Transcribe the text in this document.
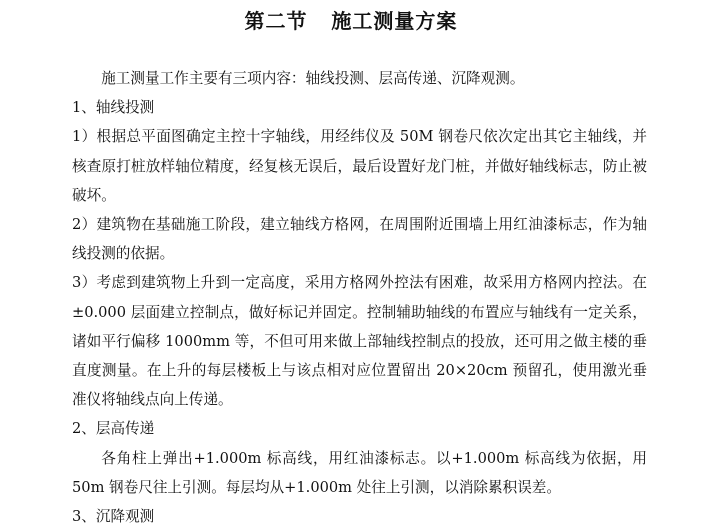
第二节   施工测量方案

施工测量工作主要有三项内容：轴线投测、层高传递、沉降观测。

1、轴线投测

1）根据总平面图确定主控十字轴线，用经纬仪及 50M 钢卷尺依次定出其它主轴线，并核查原打桩放样轴位精度，经复核无误后，最后设置好龙门桩，并做好轴线标志，防止被破坏。

2）建筑物在基础施工阶段，建立轴线方格网，在周围附近围墙上用红油漆标志，作为轴线投测的依据。

3）考虑到建筑物上升到一定高度，采用方格网外控法有困难，故采用方格网内控法。在±0.000 层面建立控制点，做好标记并固定。控制辅助轴线的布置应与轴线有一定关系， 诸如平行偏移 1000mm 等，不但可用来做上部轴线控制点的投放，还可用之做主楼的垂直度测量。在上升的每层楼板上与该点相对应位置留出 20×20cm 预留孔，使用激光垂准仪将轴线点向上传递。

2、层高传递

各角柱上弹出+1.000m 标高线，用红油漆标志。以+1.000m 标高线为依据，用 50m 钢卷尺往上引测。每层均从+1.000m 处往上引测，以消除累积误差。

3、沉降观测
